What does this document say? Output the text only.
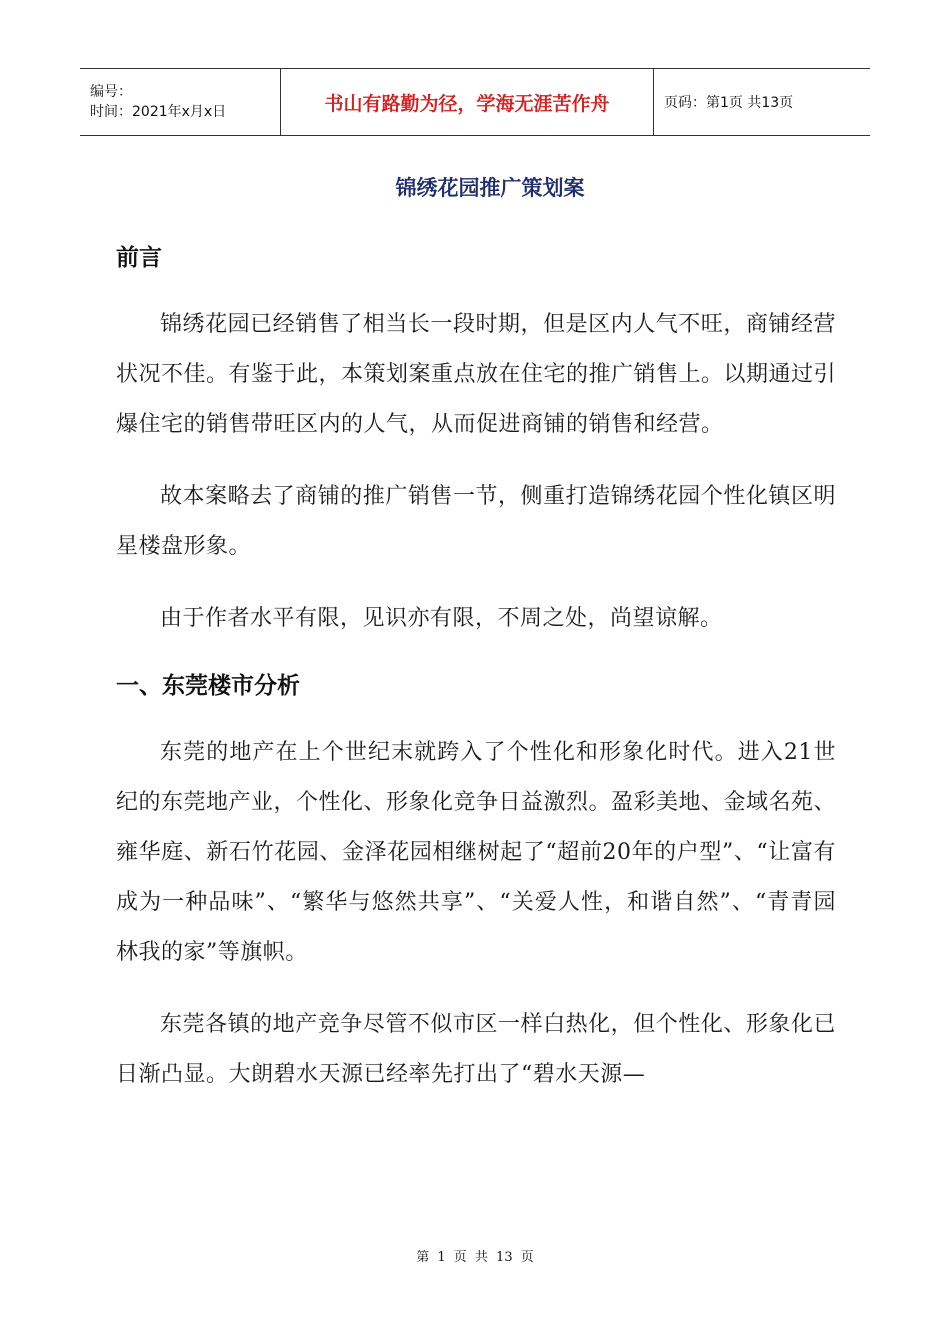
编号：
时间：2021年x月x日	书山有路勤为径，学海无涯苦作舟	页码：第1页 共13页
锦绣花园推广策划案
前言

锦绣花园已经销售了相当长一段时期，但是区内人气不旺，商铺经营状况不佳。有鉴于此，本策划案重点放在住宅的推广销售上。以期通过引爆住宅的销售带旺区内的人气，从而促进商铺的销售和经营。

故本案略去了商铺的推广销售一节，侧重打造锦绣花园个性化镇区明星楼盘形象。

由于作者水平有限，见识亦有限，不周之处，尚望谅解。

一、东莞楼市分析

东莞的地产在上个世纪末就跨入了个性化和形象化时代。进入21世纪的东莞地产业，个性化、形象化竞争日益激烈。盈彩美地、金域名苑、雍华庭、新石竹花园、金泽花园相继树起了“超前20年的户型”、“让富有成为一种品味”、“繁华与悠然共享”、“关爱人性，和谐自然”、“青青园林我的家”等旗帜。

东莞各镇的地产竞争尽管不似市区一样白热化，但个性化、形象化已日渐凸显。大朗碧水天源已经率先打出了“碧水天源—

第 1 页 共 13 页
